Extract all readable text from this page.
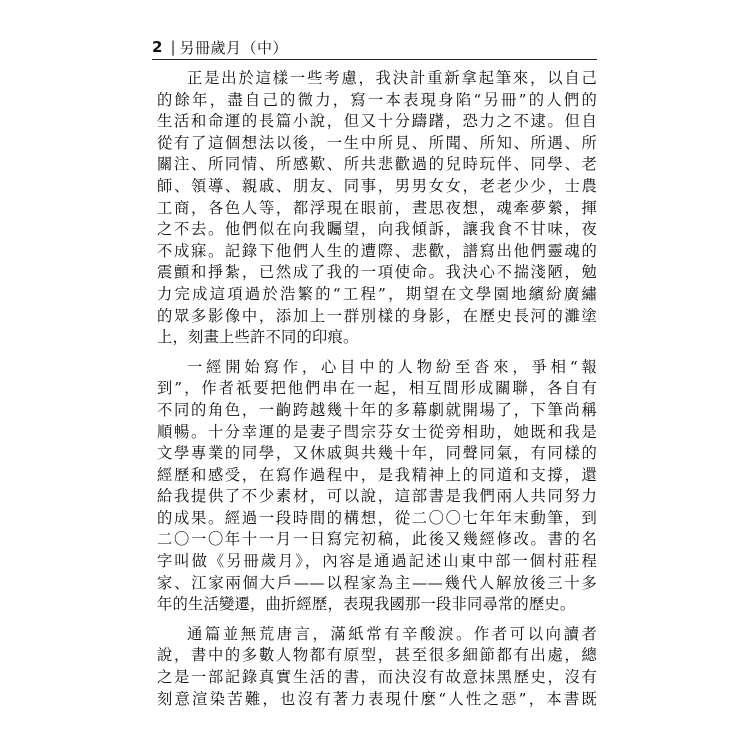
2 | 另冊歲月（中）
正是出於這樣一些考慮，我決計重新拿起筆來，以自己
的餘年，盡自己的微力，寫一本表現身陷“另冊”的人們的
生活和命運的長篇小說，但又十分躊躇，恐力之不逮。但自
從有了這個想法以後，一生中所見、所聞、所知、所遇、所
關注、所同情、所感歎、所共悲歡過的兒時玩伴、同學、老
師、領導、親戚、朋友、同事，男男女女，老老少少，士農
工商，各色人等，都浮現在眼前，晝思夜想，魂牽夢縈，揮
之不去。他們似在向我矚望，向我傾訴，讓我食不甘味，夜
不成寐。記錄下他們人生的遭際、悲歡，譜寫出他們靈魂的
震顫和掙紮，已然成了我的一項使命。我決心不揣淺陋，勉
力完成這項過於浩繁的“工程”，期望在文學園地繽紛廣繡
的眾多影像中，添加上一群別樣的身影，在歷史長河的灘塗
上，刻畫上些許不同的印痕。
一經開始寫作，心目中的人物紛至沓來，爭相“報
到”，作者祇要把他們串在一起，相互間形成關聯，各自有
不同的角色，一齣跨越幾十年的多幕劇就開場了，下筆尚稱
順暢。十分幸運的是妻子閆宗芬女士從旁相助，她既和我是
文學專業的同學，又休戚與共幾十年，同聲同氣，有同樣的
經歷和感受，在寫作過程中，是我精神上的同道和支撐，還
給我提供了不少素材，可以說，這部書是我們兩人共同努力
的成果。經過一段時間的構想，從二〇〇七年年末動筆，到
二〇一〇年十一月一日寫完初稿，此後又幾經修改。書的名
字叫做《另冊歲月》，內容是通過記述山東中部一個村莊程
家、江家兩個大戶——以程家為主——幾代人解放後三十多
年的生活變遷，曲折經歷，表現我國那一段非同尋常的歷史。
通篇並無荒唐言，滿紙常有辛酸淚。作者可以向讀者
說，書中的多數人物都有原型，甚至很多細節都有出處，總
之是一部記錄真實生活的書，而決沒有故意抹黑歷史，沒有
刻意渲染苦難，也沒有著力表現什麼“人性之惡”，本書既
